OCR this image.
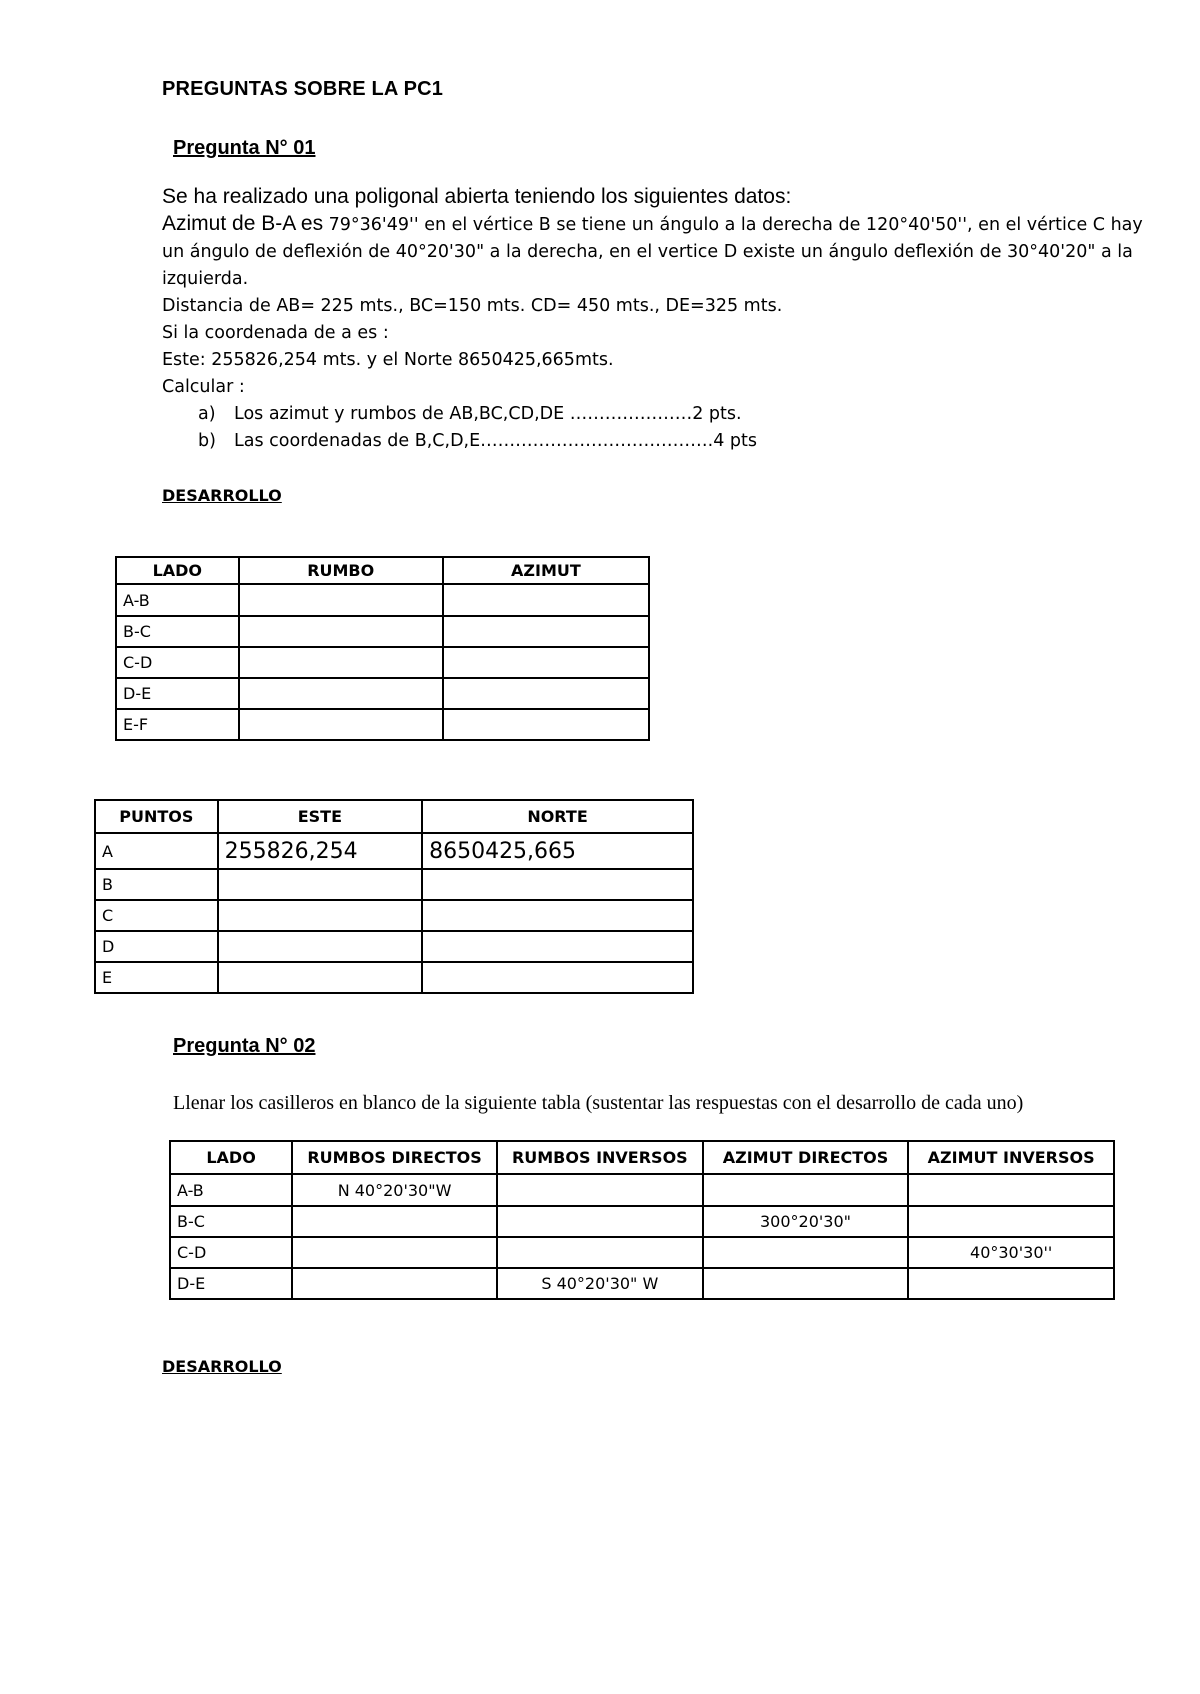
PREGUNTAS SOBRE LA PC1
Pregunta N° 01
Se ha realizado una poligonal abierta teniendo los siguientes datos:

Azimut de B-A es 79°36'49'' en el vértice B se tiene un ángulo a la derecha de 120°40'50'', en el vértice C hay un ángulo de deflexión de 40°20'30" a la derecha, en el vertice D existe un ángulo deflexión de 30°40'20" a la izquierda.

Distancia de AB= 225 mts., BC=150 mts. CD= 450 mts., DE=325 mts.

Si la coordenada de a es :

Este: 255826,254 mts. y el Norte 8650425,665mts.

Calcular :

a) Los azimut y rumbos de AB,BC,CD,DE …………………2 pts.

b) Las coordenadas de B,C,D,E………………………………….4 pts

DESARROLLO
LADO	RUMBO	AZIMUT
A-B		
B-C		
C-D		
D-E		
E-F		
PUNTOS	ESTE	NORTE
A	255826,254	8650425,665
B		
C		
D		
E		
Pregunta N° 02
Llenar los casilleros en blanco de la siguiente tabla (sustentar las respuestas con el desarrollo de cada uno)
LADO	RUMBOS DIRECTOS	RUMBOS INVERSOS	AZIMUT DIRECTOS	AZIMUT INVERSOS
A-B	N 40°20'30"W			
B-C			300°20'30"	
C-D				40°30'30''
D-E		S 40°20'30" W		
DESARROLLO
